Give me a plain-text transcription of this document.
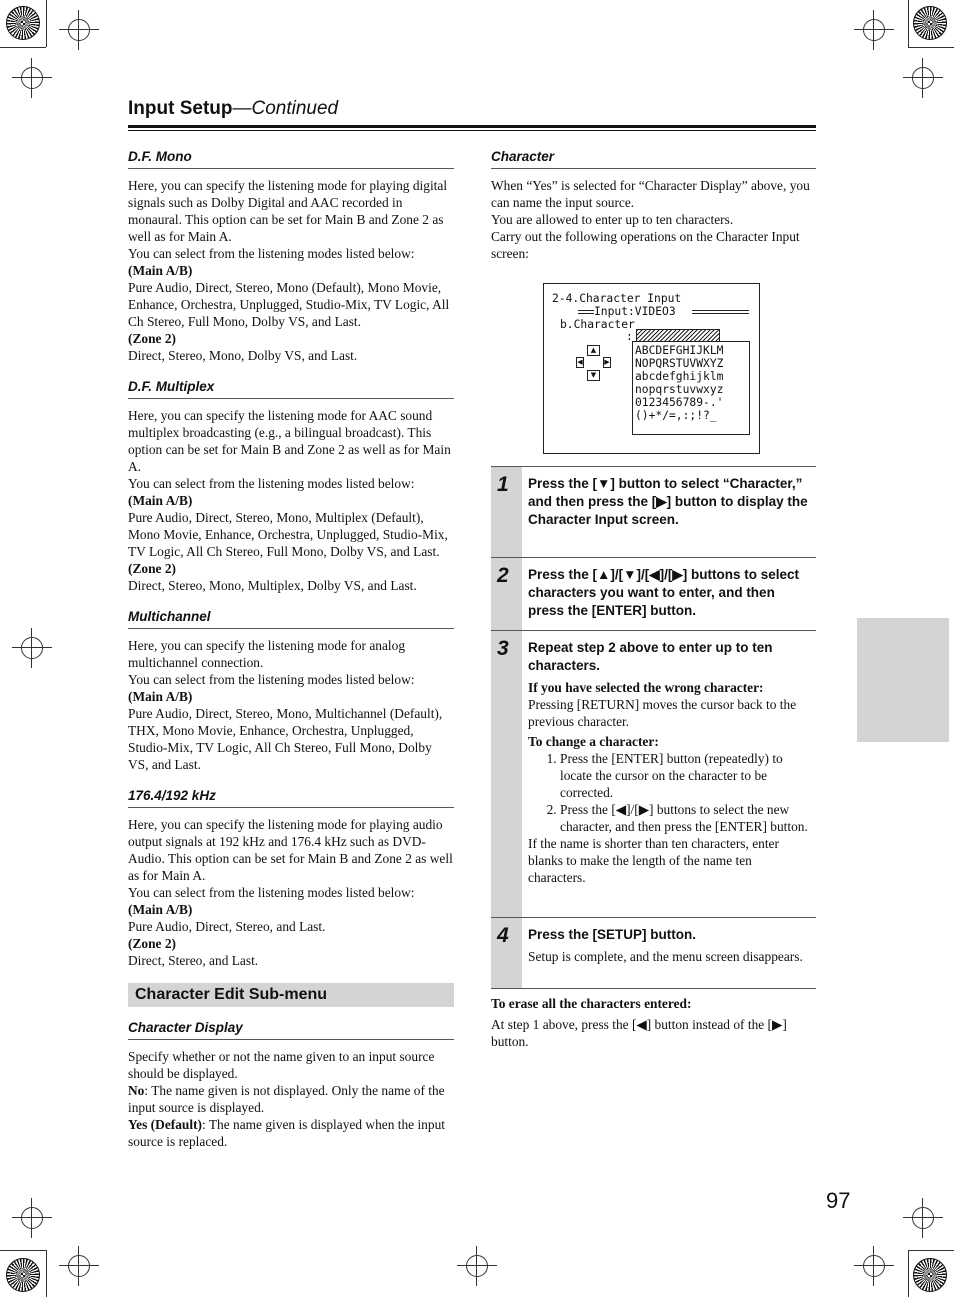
Input Setup—Continued
D.F. Mono

Here, you can specify the listening mode for playing digital signals such as Dolby Digital and AAC recorded in monaural. This option can be set for Main B and Zone 2 as well as for Main A.

You can select from the listening modes listed below:

(Main A/B)

Pure Audio, Direct, Stereo, Mono (Default), Mono Movie, Enhance, Orchestra, Unplugged, Studio-Mix, TV Logic, All Ch Stereo, Full Mono, Dolby VS, and Last.

(Zone 2)

Direct, Stereo, Mono, Dolby VS, and Last.

D.F. Multiplex

Here, you can specify the listening mode for AAC sound multiplex broadcasting (e.g., a bilingual broadcast). This option can be set for Main B and Zone 2 as well as for Main A.

You can select from the listening modes listed below:

(Main A/B)

Pure Audio, Direct, Stereo, Mono, Multiplex (Default), Mono Movie, Enhance, Orchestra, Unplugged, Studio-Mix, TV Logic, All Ch Stereo, Full Mono, Dolby VS, and Last.

(Zone 2)

Direct, Stereo, Mono, Multiplex, Dolby VS, and Last.

Multichannel

Here, you can specify the listening mode for analog multichannel connection.

You can select from the listening modes listed below:

(Main A/B)

Pure Audio, Direct, Stereo, Mono, Multichannel (Default), THX, Mono Movie, Enhance, Orchestra, Unplugged, Studio-Mix, TV Logic, All Ch Stereo, Full Mono, Dolby VS, and Last.

176.4/192 kHz

Here, you can specify the listening mode for playing audio output signals at 192 kHz and 176.4 kHz such as DVD-Audio. This option can be set for Main B and Zone 2 as well as for Main A.

You can select from the listening modes listed below:

(Main A/B)

Pure Audio, Direct, Stereo, and Last.

(Zone 2)

Direct, Stereo, and Last.

Character Edit Sub-menu
Character Display

Specify whether or not the name given to an input source should be displayed.

No: The name given is not displayed. Only the name of the input source is displayed.

Yes (Default): The name given is displayed when the input source is replaced.

Character

When “Yes” is selected for “Character Display” above, you can name the input source.

You are allowed to enter up to ten characters.

Carry out the following operations on the Character Input screen:

2-4.Character Input
Input:VIDEO3
b.Character
:
ABCDEFGHIJKLM
NOPQRSTUVWXYZ
abcdefghijklm
nopqrstuvwxyz
0123456789-.'
()+*/=,:;!?_
▲
◀	▶
▼
1	Press the [▼] button to select “Character,” and then press the [▶] button to display the Character Input screen.
2	Press the [▲]/[▼]/[◀]/[▶] buttons to select characters you want to enter, and then press the [ENTER] button.
3	Repeat step 2 above to enter up to ten characters.

If you have selected the wrong character:

Pressing [RETURN] moves the cursor back to the previous character.

To change a character:

1. Press the [ENTER] button (repeatedly) to locate the cursor on the character to be corrected.
2. Press the [◀]/[▶] buttons to select the new character, and then press the [ENTER] button.

If the name is shorter than ten characters, enter blanks to make the length of the name ten characters.

4	Press the [SETUP] button.

Setup is complete, and the menu screen disappears.

To erase all the characters entered:

At step 1 above, press the [◀] button instead of the [▶] button.

97
